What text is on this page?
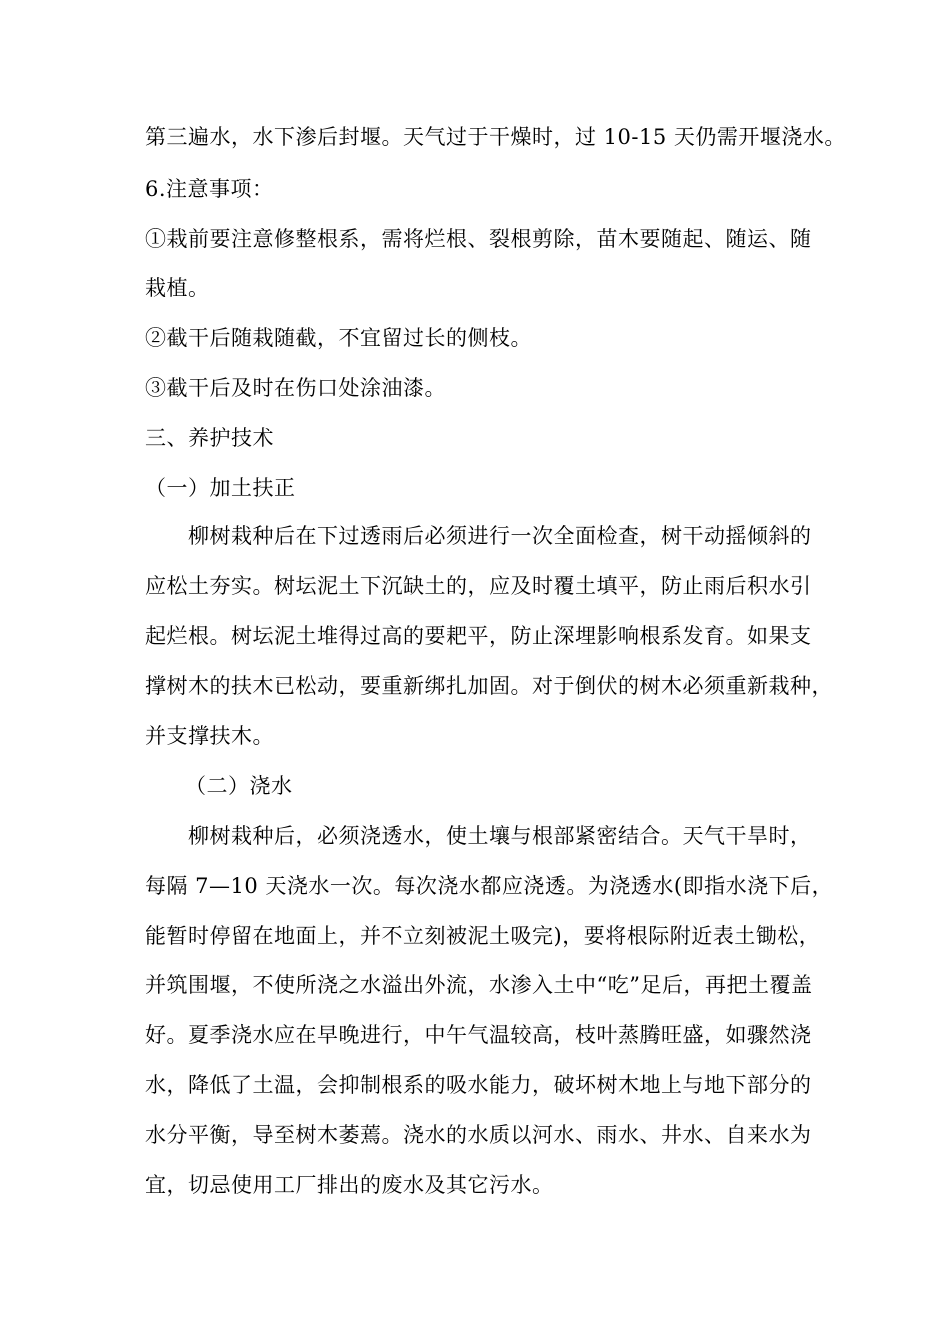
第三遍水，水下渗后封堰。天气过于干燥时，过 10-15 天仍需开堰浇水。
6.注意事项：
①栽前要注意修整根系，需将烂根、裂根剪除，苗木要随起、随运、随
栽植。
②截干后随栽随截，不宜留过长的侧枝。
③截干后及时在伤口处涂油漆。
三、养护技术
（一）加土扶正
柳树栽种后在下过透雨后必须进行一次全面检查，树干动摇倾斜的
应松土夯实。树坛泥土下沉缺土的，应及时覆土填平，防止雨后积水引
起烂根。树坛泥土堆得过高的要耙平，防止深埋影响根系发育。如果支
撑树木的扶木已松动，要重新绑扎加固。对于倒伏的树木必须重新栽种，
并支撑扶木。
（二）浇水
柳树栽种后，必须浇透水，使土壤与根部紧密结合。天气干旱时，
每隔 7—10 天浇水一次。每次浇水都应浇透。为浇透水(即指水浇下后，
能暂时停留在地面上，并不立刻被泥土吸完)，要将根际附近表土锄松，
并筑围堰，不使所浇之水溢出外流，水渗入土中“吃”足后，再把土覆盖
好。夏季浇水应在早晚进行，中午气温较高，枝叶蒸腾旺盛，如骤然浇
水，降低了土温，会抑制根系的吸水能力，破坏树木地上与地下部分的
水分平衡，导至树木萎蔫。浇水的水质以河水、雨水、井水、自来水为
宜，切忌使用工厂排出的废水及其它污水。
